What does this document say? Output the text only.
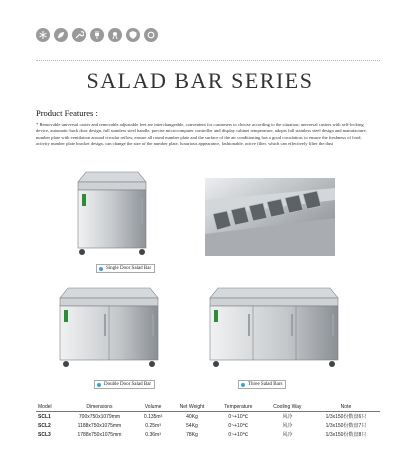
SALAD BAR SERIES
Product Features :
* Removable universal caster and removable adjustable feet are interchangeable, convenient for customers to choose according to the situation; universal casters with self-locking device, automatic back door design, full stainless steel handle, precise microcomputer controller and display cabinet temperature, adopts full stainless steel design and manufacture, number plate with ventilation around circular reflow, ensure all round number plate and the surface of the air conditioning has a good circulation, to ensure the freshness of food, activity number plate bracket design, can change the size of the number plate, luxurious appearance, fashionable, active filter, which can effectively filter the dust
Single Door Salad Bar
Double Door Salad Bar	Three Salad Bars
Model	Dimensions	Volume	Net Weight	Temperature	Cooling Way	Note
SCL1	700x750x1079mm	0.135m³	40Kg	0~+10℃	风冷	1/3x150份数盘6只
SCL2	1188x750x1075mm	0.25m³	54Kg	0~+10℃	风冷	1/3x150份数盘7只
SCL3	1788x750x1075mm	0.36m³	78Kg	0~+10℃	风冷	1/3x150份数盘8只
